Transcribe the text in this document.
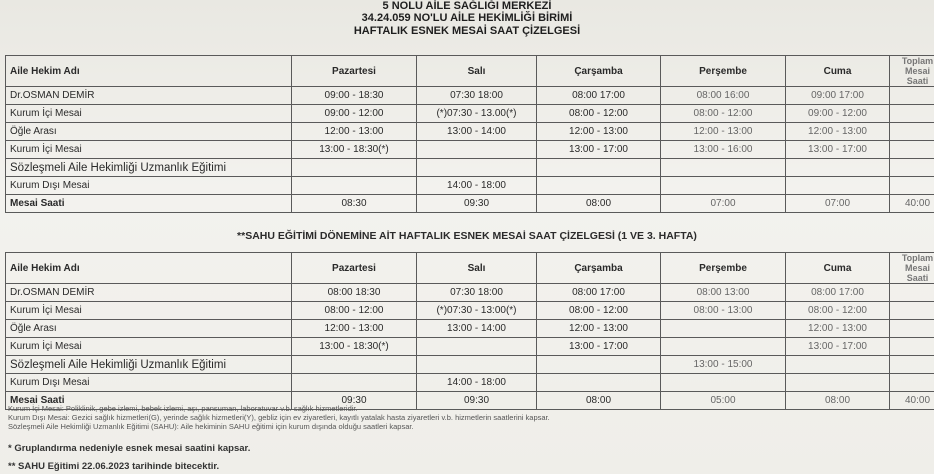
5 NOLU AİLE SAĞLIĞI MERKEZİ
34.24.059 NO'LU AİLE HEKİMLİĞİ BİRİMİ
HAFTALIK ESNEK MESAİ SAAT ÇİZELGESİ
Aile Hekim Adı	Pazartesi	Salı	Çarşamba	Perşembe	Cuma	Toplam Mesai Saati
Dr.OSMAN DEMİR	09:00 - 18:30	07:30 18:00	08:00 17:00	08:00 16:00	09:00 17:00	
Kurum İçi Mesai	09:00 - 12:00	(*)07:30 - 13.00(*)	08:00 - 12:00	08:00 - 12:00	09:00 - 12:00	
Öğle Arası	12:00 - 13:00	13:00 - 14:00	12:00 - 13:00	12:00 - 13:00	12:00 - 13:00	
Kurum İçi Mesai	13:00 - 18:30(*)		13:00 - 17:00	13:00 - 16:00	13:00 - 17:00	
Sözleşmeli Aile Hekimliği Uzmanlık Eğitimi						
Kurum Dışı Mesai		14:00 - 18:00				
Mesai Saati	08:30	09:30	08:00	07:00	07:00	40:00
**SAHU EĞİTİMİ DÖNEMİNE AİT HAFTALIK ESNEK MESAİ SAAT ÇİZELGESİ (1 VE 3. HAFTA)
Aile Hekim Adı	Pazartesi	Salı	Çarşamba	Perşembe	Cuma	Toplam Mesai Saati
Dr.OSMAN DEMİR	08:00 18:30	07:30 18:00	08:00 17:00	08:00 13:00	08:00 17:00	
Kurum İçi Mesai	08:00 - 12:00	(*)07:30 - 13:00(*)	08:00 - 12:00	08:00 - 13:00	08:00 - 12:00	
Öğle Arası	12:00 - 13:00	13:00 - 14:00	12:00 - 13:00		12:00 - 13:00	
Kurum İçi Mesai	13:00 - 18:30(*)		13:00 - 17:00		13:00 - 17:00	
Sözleşmeli Aile Hekimliği Uzmanlık Eğitimi				13:00 - 15:00		
Kurum Dışı Mesai		14:00 - 18:00				
Mesai Saati	09:30	09:30	08:00	05:00	08:00	40:00
Kurum İçi Mesai: Poliklinik, gebe izlemi, bebek izlemi, aşı, pansuman, laboratuvar v.b. sağlık hizmetleridir.
Kurum Dışı Mesai: Gezici sağlık hizmetleri(G), yerinde sağlık hizmetleri(Y), gebliz için ev ziyaretleri, kayıtlı yatalak hasta ziyaretleri v.b. hizmetlerin saatlerini kapsar.
Sözleşmeli Aile Hekimliği Uzmanlık Eğitimi (SAHU): Aile hekiminin SAHU eğitimi için kurum dışında olduğu saatleri kapsar.
* Gruplandırma nedeniyle esnek mesai saatini kapsar.
** SAHU Eğitimi 22.06.2023 tarihinde bitecektir.
